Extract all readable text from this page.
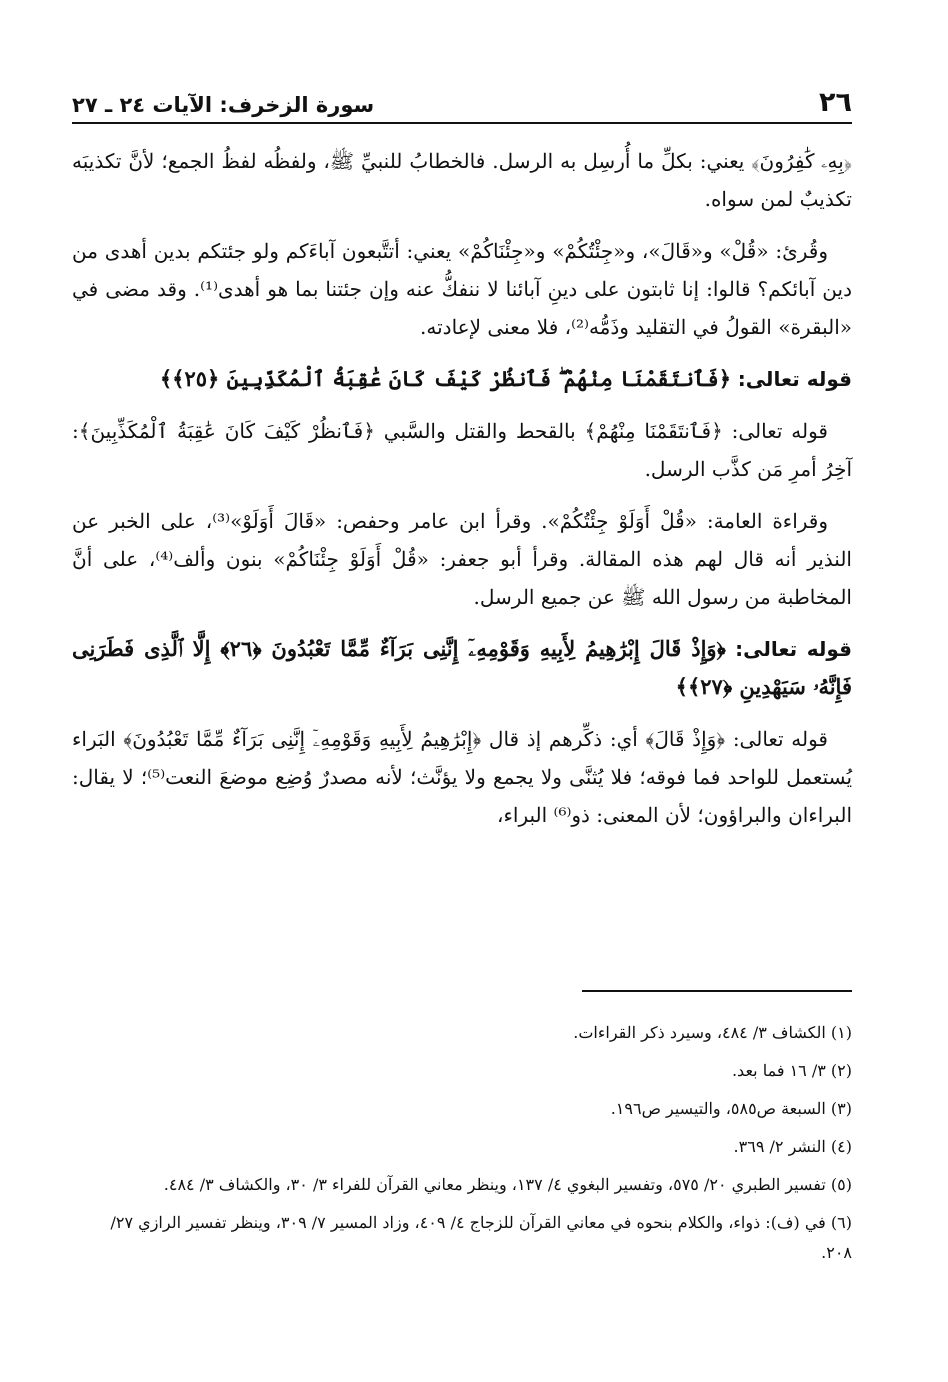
٢٦
سورة الزخرف: الآيات ٢٤ ـ ٢٧

﴿بِهِۦ كَٰفِرُونَ﴾ يعني: بكلِّ ما أُرسِل به الرسل. فالخطابُ للنبيِّ ﷺ، ولفظُه لفظُ الجمع؛ لأنَّ تكذيبَه تكذيبٌ لمن سواه.

وقُرئ: «قُلْ» و«قَالَ»، و«جِئْتُكُمْ» و«جِئْنَاكُمْ» يعني: أتتَّبعون آباءَكم ولو جئتكم بدين أهدى من دين آبائكم؟ قالوا: إنا ثابتون على دينِ آبائنا لا ننفكُّ عنه وإن جئتنا بما هو أهدى⁽¹⁾. وقد مضى في «البقرة» القولُ في التقليد وذَمُّه⁽²⁾، فلا معنى لإعادته.

قوله تعالى: ﴿فَٱنتَقَمْنَا مِنْهُمْ ۖ فَٱنظُرْ كَيْفَ كَانَ عَٰقِبَةُ ٱلْمُكَذِّبِينَ ﴿٢٥﴾﴾

قوله تعالى: ﴿فَٱنتَقَمْنَا مِنْهُمْ﴾ بالقحط والقتل والسَّبي ﴿فَٱنظُرْ كَيْفَ كَانَ عَٰقِبَةُ ٱلْمُكَذِّبِينَ﴾: آخِرُ أمرِ مَن كذَّب الرسل.

وقراءة العامة: «قُلْ أَوَلَوْ جِئْتُكُمْ». وقرأ ابن عامر وحفص: «قَالَ أَوَلَوْ»⁽³⁾، على الخبر عن النذير أنه قال لهم هذه المقالة. وقرأ أبو جعفر: «قُلْ أَوَلَوْ جِئْنَاكُمْ» بنون وألف⁽⁴⁾، على أنَّ المخاطبة من رسول الله ﷺ عن جميع الرسل.

قوله تعالى: ﴿وَإِذْ قَالَ إِبْرَٰهِيمُ لِأَبِيهِ وَقَوْمِهِۦٓ إِنَّنِى بَرَآءٌ مِّمَّا تَعْبُدُونَ ﴿٢٦﴾ إِلَّا ٱلَّذِى فَطَرَنِى فَإِنَّهُۥ سَيَهْدِينِ ﴿٢٧﴾﴾

قوله تعالى: ﴿وَإِذْ قَالَ﴾ أي: ذكِّرهم إذ قال ﴿إِبْرَٰهِيمُ لِأَبِيهِ وَقَوْمِهِۦٓ إِنَّنِى بَرَآءٌ مِّمَّا تَعْبُدُونَ﴾ البَراء يُستعمل للواحد فما فوقه؛ فلا يُثنَّى ولا يجمع ولا يؤنَّث؛ لأنه مصدرٌ وُضِع موضعَ النعت⁽⁵⁾؛ لا يقال: البراءان والبراؤون؛ لأن المعنى: ذو⁽⁶⁾ البراء،

(١) الكشاف ٣/ ٤٨٤، وسيرد ذكر القراءات.

(٢) ٣/ ١٦ فما بعد.

(٣) السبعة ص٥٨٥، والتيسير ص١٩٦.

(٤) النشر ٢/ ٣٦٩.

(٥) تفسير الطبري ٢٠/ ٥٧٥، وتفسير البغوي ٤/ ١٣٧، وينظر معاني القرآن للفراء ٣/ ٣٠، والكشاف ٣/ ٤٨٤.

(٦) في (ف): ذواء، والكلام بنحوه في معاني القرآن للزجاج ٤/ ٤٠٩، وزاد المسير ٧/ ٣٠٩، وينظر تفسير الرازي ٢٧/ ٢٠٨.
